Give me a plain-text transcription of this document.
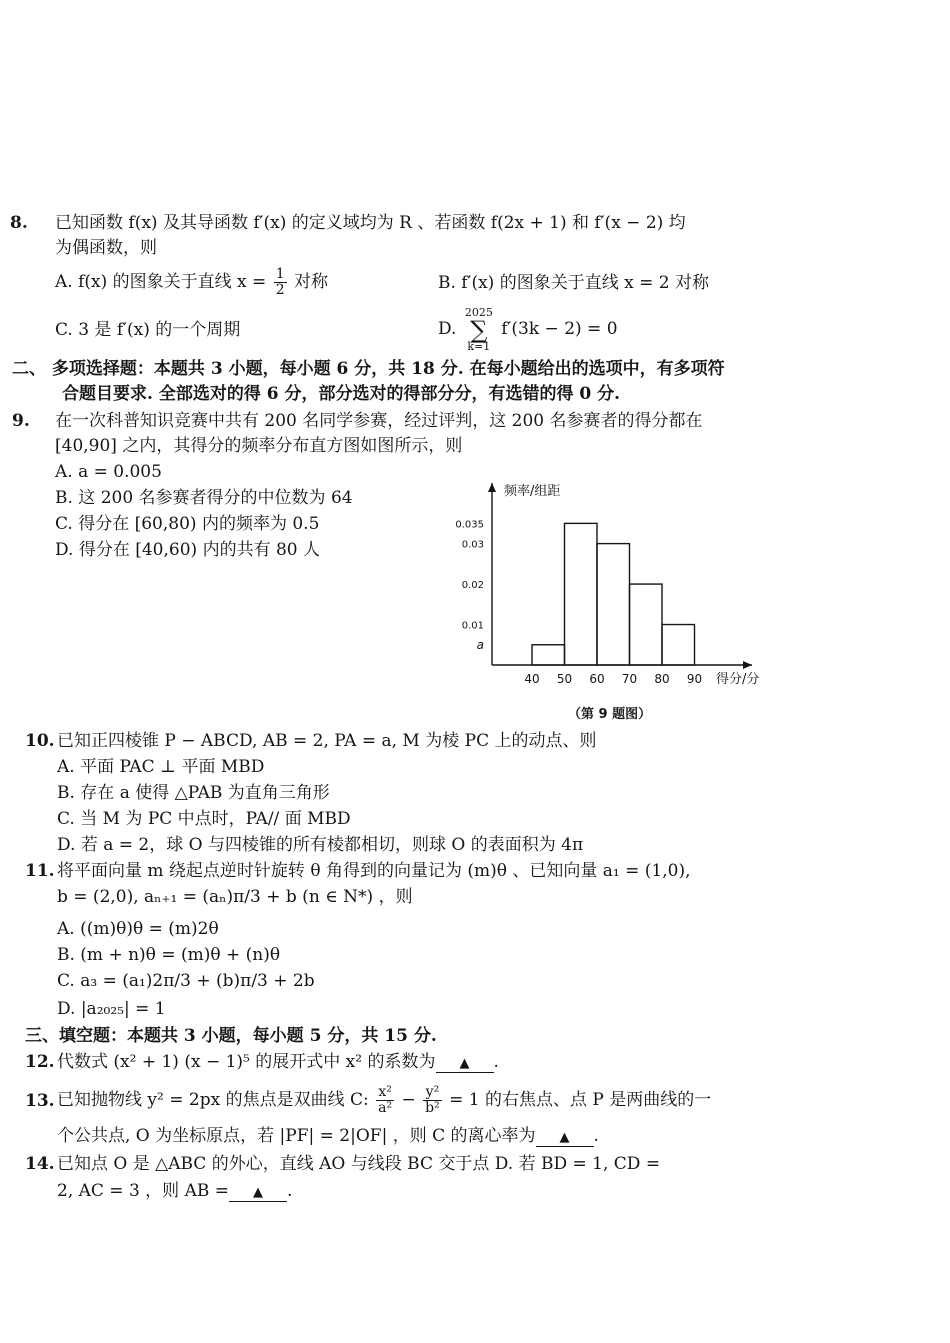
8. 已知函数 f(x) 及其导函数 f′(x) 的定义域均为 R 、若函数 f(2x + 1) 和 f′(x − 2) 均
为偶函数，则
A. f(x) 的图象关于直线 $x = \frac{1}{2}$ 对称	B. f′(x) 的图象关于直线 x = 2 对称
C. 3 是 f′(x) 的一个周期	D.
2025
∑
k=1
f′(3k − 2) = 0
二、 多项选择题：本题共 3 小题，每小题 6 分，共 18 分. 在每小题给出的选项中，有多项符
合题目要求. 全部选对的得 6 分，部分选对的得部分分，有选错的得 0 分.
9. 在一次科普知识竞赛中共有 200 名同学参赛，经过评判，这 200 名参赛者的得分都在
[40,90] 之内，其得分的频率分布直方图如图所示，则
A. a = 0.005
B. 这 200 名参赛者得分的中位数为 64
C. 得分在 [60,80) 内的频率为 0.5
D. 得分在 [40,60) 内的共有 80 人
a
0.01
0.02
0.03
0.035
40 50 60 70 80 90
频率/组距
得分/分
（第 9 题图）
10. 已知正四棱锥 P − ABCD, AB = 2, PA = a, M 为棱 PC 上的动点、则
A. 平面 PAC ⊥ 平面 MBD
B. 存在 a 使得 △PAB 为直角三角形
C. 当 M 为 PC 中点时，PA// 面 MBD
D. 若 a = 2，球 O 与四棱锥的所有棱都相切，则球 O 的表面积为 4π
11. 将平面向量 m 绕起点逆时针旋转 θ 角得到的向量记为 (m)θ 、已知向量 a₁ = (1,0),
b = (2,0), aₙ₊₁ = (aₙ)π/3 + b (n ∈ N*) ，则
A. ((m)θ)θ = (m)2θ
B. (m + n)θ = (m)θ + (n)θ
C. a₃ = (a₁)2π/3 + (b)π/3 + 2b
D. |a₂₀₂₅| = 1
三、填空题：本题共 3 小题，每小题 5 分，共 15 分.
12. 代数式 (x² + 1) (x − 1)⁵ 的展开式中 x² 的系数为 ▲ .
13. 已知抛物线 y² = 2px 的焦点是双曲线 C: $\frac{\text{x²}}{\text{a²}} - \frac{\text{y²}}{\text{b²}} = 1$ 的右焦点、点 P 是两曲线的一
个公共点, O 为坐标原点，若 |PF| = 2|OF| ，则 C 的离心率为 ▲ .
14. 已知点 O 是 △ABC 的外心，直线 AO 与线段 BC 交于点 D. 若 BD = 1, CD =
2, AC = 3 ，则 AB = ▲ .
